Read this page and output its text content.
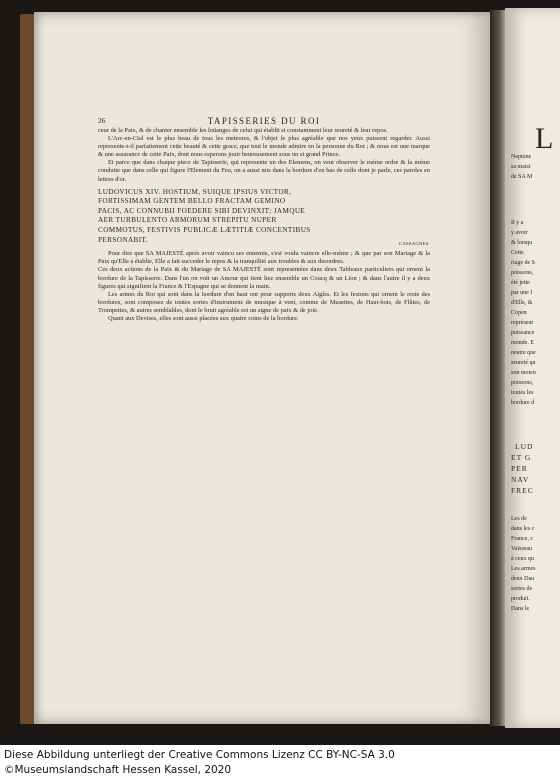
L
Neptune
sa maist
de SA M
Il y a
y avoir
& lorsqu
Cette
riage de S
poissons,
été jette
par une l
d'Elle, &
Copen
représent
puissance
monde. E
nostre que
seureté qu
son moien
poissons,
toutes les
bordure d
LUD
ET G
PER
NAV
FREC
Les de
dans les c
France, c
Vaisseau
à ceux qu
Les armes
deux Dau
sortes de
produit.
Dans le
26	TAPISSERIES DU ROI

ceur de la Paix, & de chanter ensemble les loüanges de celui qui établit si constamment leur seureté & leur repos.

L'Arc-en-Ciel est le plus beau de tous les meteores, & l'objet le plus agréable que nos yeux puissent regarder. Aussi represente-t-il parfaitement cette beauté & cette grace, que tout le monde admire en la personne du Roi ; & nous est une marque & une assurance de cette Paix, dont nous esperons jouir heureusement sous un si grand Prince.

Et parce que dans chaque piece de Tapisserie, qui represente un des Elemens, on veut observer le méme ordre & la méme conduite que dans celle qui figure l'Element du Feu, on a aussi mis dans la bordure d'en bas de celle dont je parle, ces paroles en lettres d'or.

LUDOVICUS XIV. HOSTIUM, SUIQUE IPSIUS VICTOR,
FORTISSIMAM GENTEM BELLO FRACTAM GEMINO
PACIS, AC CONNUBII FOEDERE SIBI DEVINXIT; JAMQUE
AER TURBULENTO ARMORUM STREPITU NUPER
COMMOTUS, FESTIVIS PUBLICÆ LÆTITIÆ CONCENTIBUS
PERSONABIT.
CASSAGNES.

Pour dire que SA MAJESTÉ aprés avoir vaincu ses ennemis, s'est voulu vaincre elle-méme ; & que par son Mariage & la Paix qu'Elle a établie, Elle a fait succeder le repos & la tranquilité aux troubles & aux desordres.

Ces deux actions de la Paix & du Mariage de SA MAJESTÉ sont representées dans deux Tableaux particuliers qui ornent la bordure de la Tapisserie. Dans l'un on voit un Amour qui tient liez ensemble un Coucq & un Lion ; & dans l'autre il y a deux figures qui signifient la France & l'Espagne qui se donnent la main.

Les armes du Roi qui sont dans la bordure d'en haut ont pour supports deux Aigles. Et les festons qui ornent le reste des bordures, sont composez de toutes sortes d'instrumens de musique à vent, comme de Musettes, de Haut-bois, de Flûtes, de Trompettes, & autres semblables, dont le bruit agréable est un signe de paix & de joie.

Quant aux Devises, elles sont aussi placées aux quatre coins de la bordure.

Diese Abbildung unterliegt der Creative Commons Lizenz CC BY-NC-SA 3.0
©Museumslandschaft Hessen Kassel, 2020
